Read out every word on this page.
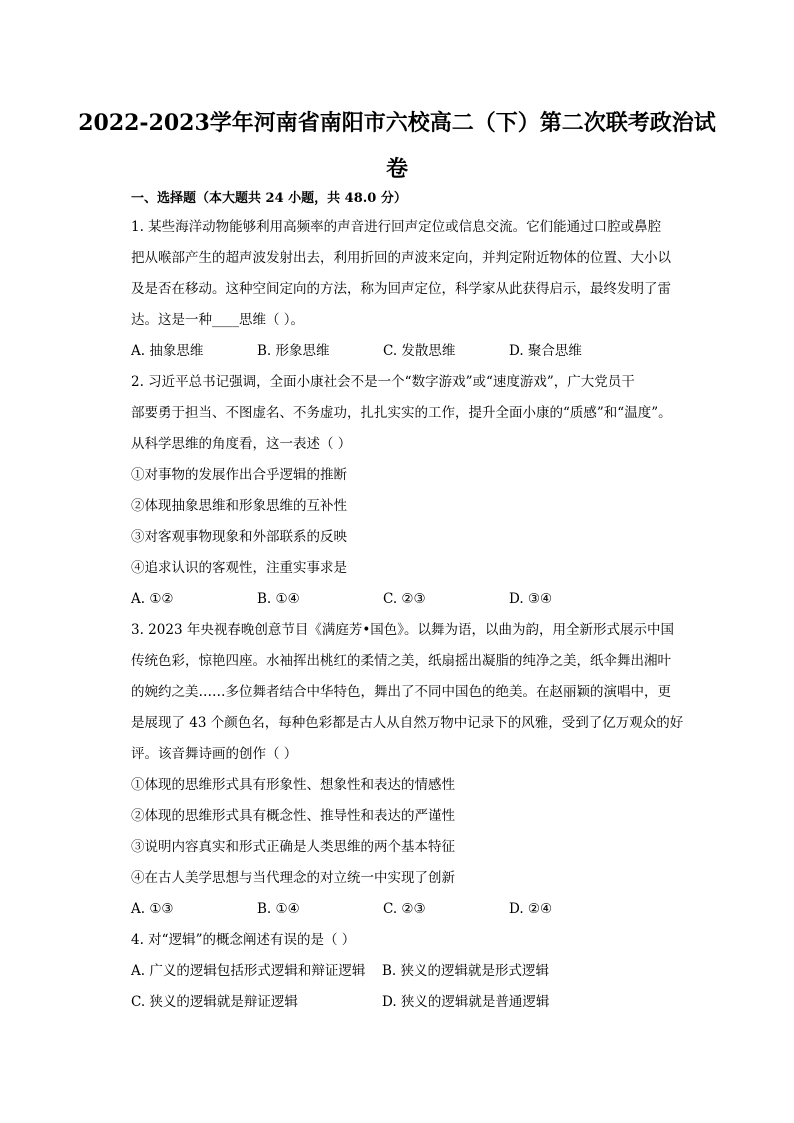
2022-2023学年河南省南阳市六校高二（下）第二次联考政治试
卷
一、选择题（本大题共 24 小题，共 48.0 分）
1. 某些海洋动物能够利用高频率的声音进行回声定位或信息交流。它们能通过口腔或鼻腔
把从喉部产生的超声波发射出去，利用折回的声波来定向，并判定附近物体的位置、大小以
及是否在移动。这种空间定向的方法，称为回声定位，科学家从此获得启示，最终发明了雷
达。这是一种____思维（ ）。
A. 抽象思维	B. 形象思维	C. 发散思维	D. 聚合思维
2. 习近平总书记强调，全面小康社会不是一个“数字游戏”或“速度游戏”，广大党员干
部要勇于担当、不图虚名、不务虚功，扎扎实实的工作，提升全面小康的“质感”和“温度”。
从科学思维的角度看，这一表述（ ）
①对事物的发展作出合乎逻辑的推断
②体现抽象思维和形象思维的互补性
③对客观事物现象和外部联系的反映
④追求认识的客观性，注重实事求是
A. ①②	B. ①④	C. ②③	D. ③④
3. 2023 年央视春晚创意节目《满庭芳•国色》。以舞为语，以曲为韵，用全新形式展示中国
传统色彩，惊艳四座。水袖挥出桃红的柔情之美，纸扇摇出凝脂的纯净之美，纸伞舞出湘叶
的婉约之美……多位舞者结合中华特色，舞出了不同中国色的绝美。在赵丽颖的演唱中，更
是展现了 43 个颜色名，每种色彩都是古人从自然万物中记录下的风雅，受到了亿万观众的好
评。该音舞诗画的创作（ ）
①体现的思维形式具有形象性、想象性和表达的情感性
②体现的思维形式具有概念性、推导性和表达的严谨性
③说明内容真实和形式正确是人类思维的两个基本特征
④在古人美学思想与当代理念的对立统一中实现了创新
A. ①③	B. ①④	C. ②③	D. ②④
4. 对“逻辑”的概念阐述有误的是（ ）
A. 广义的逻辑包括形式逻辑和辩证逻辑	B. 狭义的逻辑就是形式逻辑
C. 狭义的逻辑就是辩证逻辑	D. 狭义的逻辑就是普通逻辑
